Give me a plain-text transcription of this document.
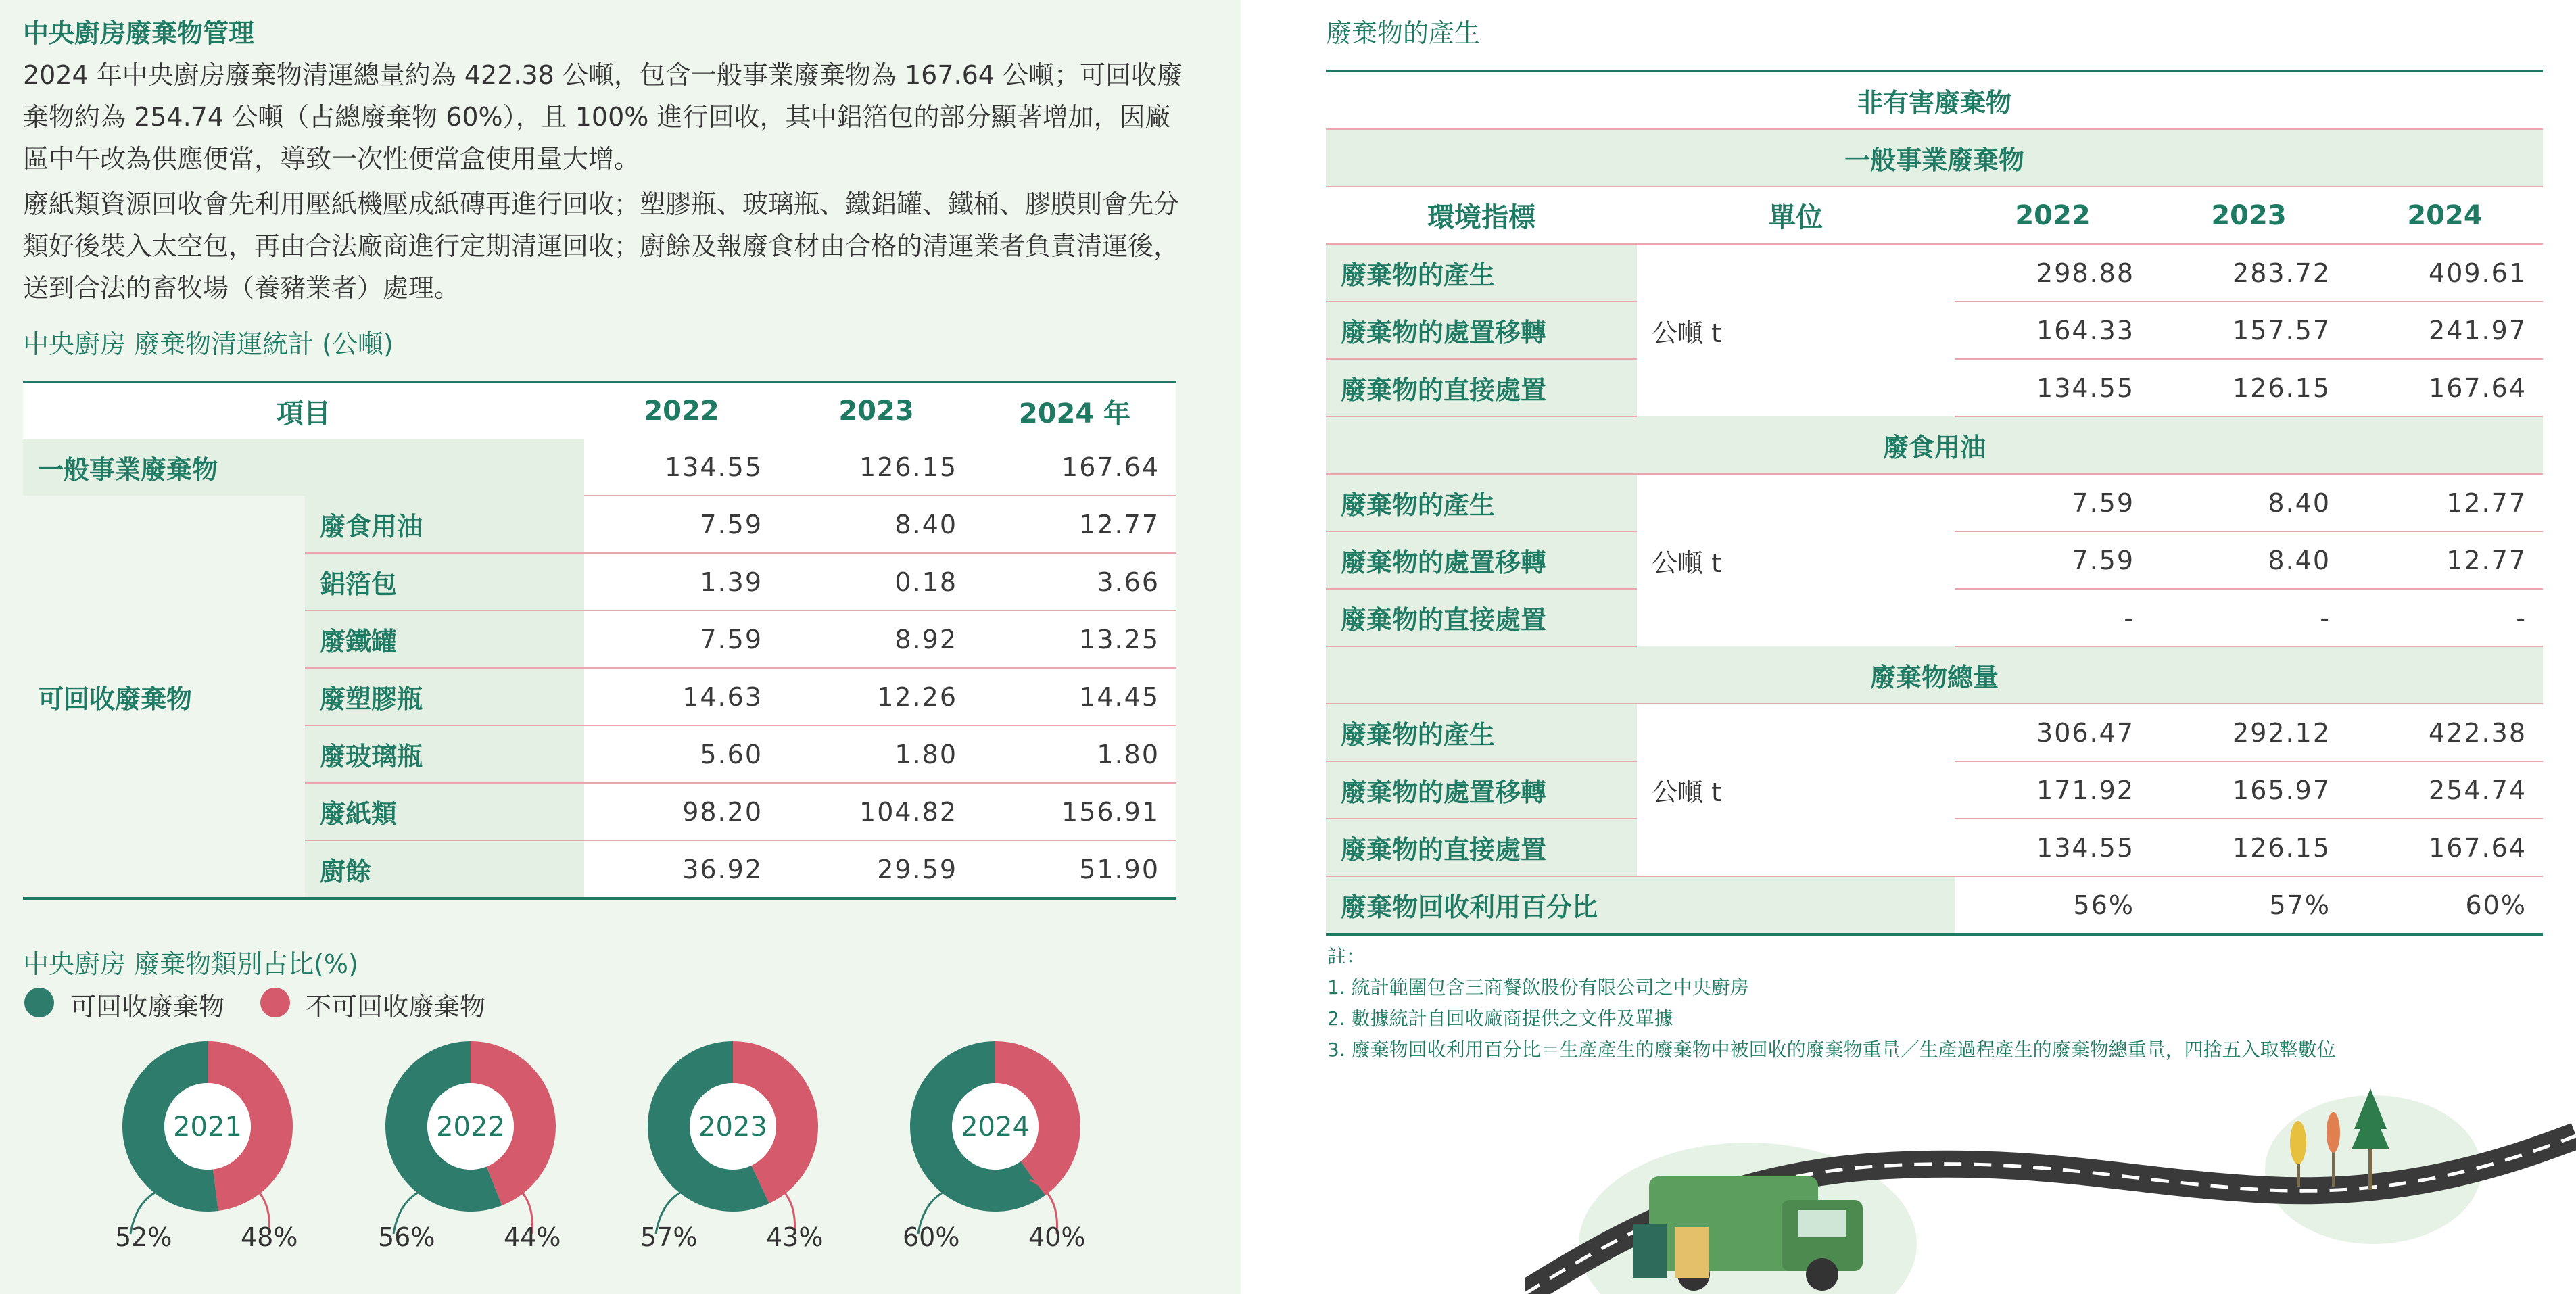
中央廚房廢棄物管理
2024 年中央廚房廢棄物清運總量約為 422.38 公噸，包含一般事業廢棄物為 167.64 公噸；可回收廢棄物約為 254.74 公噸（占總廢棄物 60%），且 100% 進行回收，其中鋁箔包的部分顯著增加，因廠區中午改為供應便當，導致一次性便當盒使用量大增。
廢紙類資源回收會先利用壓紙機壓成紙磚再進行回收；塑膠瓶、玻璃瓶、鐵鋁罐、鐵桶、膠膜則會先分類好後裝入太空包，再由合法廠商進行定期清運回收；廚餘及報廢食材由合格的清運業者負責清運後，送到合法的畜牧場（養豬業者）處理。
中央廚房 廢棄物清運統計 (公噸)
項目		2022	2023	2024 年
一般事業廢棄物		134.55	126.15	167.64
可回收廢棄物	廢食用油	7.59	8.40	12.77
	鋁箔包	1.39	0.18	3.66
	廢鐵罐	7.59	8.92	13.25
	廢塑膠瓶	14.63	12.26	14.45
	廢玻璃瓶	5.60	1.80	1.80
	廢紙類	98.20	104.82	156.91
	廚餘	36.92	29.59	51.90
中央廚房 廢棄物類別占比(%)
可回收廢棄物	不可回收廢棄物
2021
52%	48%
2022
56%	44%
2023
57%	43%
2024
60%	40%
廢棄物的產生
非有害廢棄物				
一般事業廢棄物				
環境指標	單位	2022	2023	2024
廢棄物的產生	公噸 t	298.88	283.72	409.61
廢棄物的處置移轉		164.33	157.57	241.97
廢棄物的直接處置		134.55	126.15	167.64
廢食用油				
廢棄物的產生	公噸 t	7.59	8.40	12.77
廢棄物的處置移轉		7.59	8.40	12.77
廢棄物的直接處置		-	-	-
廢棄物總量				
廢棄物的產生	公噸 t	306.47	292.12	422.38
廢棄物的處置移轉		171.92	165.97	254.74
廢棄物的直接處置		134.55	126.15	167.64
廢棄物回收利用百分比		56%	57%	60%
註：
1. 統計範圍包含三商餐飲股份有限公司之中央廚房
2. 數據統計自回收廠商提供之文件及單據
3. 廢棄物回收利用百分比＝生產產生的廢棄物中被回收的廢棄物重量／生產過程產生的廢棄物總重量，四捨五入取整數位
